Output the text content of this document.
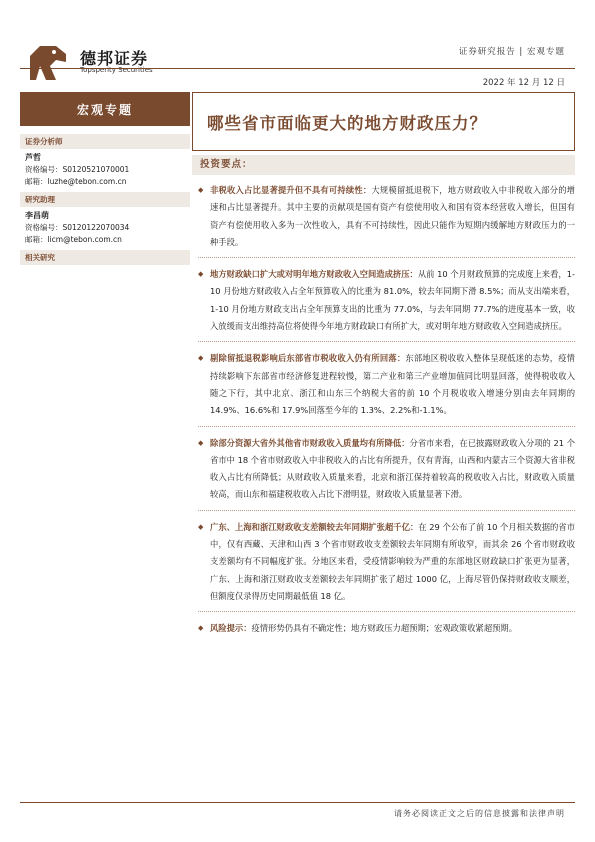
德邦证券
Topsperity Securities
证券研究报告 | 宏观专题
2022 年 12 月 12 日
宏观专题
证券分析师
芦哲
资格编号：S0120521070001
邮箱：luzhe@tebon.com.cn
研究助理
李昌萌
资格编号：S0120122070034
邮箱：licm@tebon.com.cn
相关研究
哪些省市面临更大的地方财政压力？
投资要点：
◆ 非税收入占比显著提升但不具有可持续性：大规模留抵退税下，地方财政收入中非税收入部分的增速和占比显著提升。其中主要的贡献项是国有资产有偿使用收入和国有资本经营收入增长，但国有资产有偿使用收入多为一次性收入，具有不可持续性，因此只能作为短期内缓解地方财政压力的一种手段。
◆ 地方财政缺口扩大或对明年地方财政收入空间造成挤压：从前 10 个月财政预算的完成度上来看，1-10 月份地方财政收入占全年预算收入的比重为 81.0%，较去年同期下滑 8.5%；而从支出端来看，1-10 月份地方财政支出占全年预算支出的比重为 77.0%，与去年同期 77.7%的进度基本一致，收入放缓而支出维持高位将使得今年地方财政缺口有所扩大，或对明年地方财政收入空间造成挤压。
◆ 剔除留抵退税影响后东部省市税收收入仍有所回落：东部地区税收收入整体呈现低迷的态势，疫情持续影响下东部省市经济修复进程较慢，第二产业和第三产业增加值同比明显回落，使得税收收入随之下行，其中北京、浙江和山东三个纳税大省的前 10 个月税收收入增速分别由去年同期的 14.9%、16.6%和 17.9%回落至今年的 1.3%、2.2%和-1.1%。
◆ 除部分资源大省外其他省市财政收入质量均有所降低：分省市来看，在已披露财政收入分项的 21 个省市中 18 个省市财政收入中非税收入的占比有所提升，仅有青海，山西和内蒙古三个资源大省非税收入占比有所降低；从财政收入质量来看，北京和浙江保持着较高的税收收入占比，财政收入质量较高，而山东和福建税收收入占比下滑明显，财政收入质量显著下滑。
◆ 广东、上海和浙江财政收支差额较去年同期扩张超千亿：在 29 个公布了前 10 个月相关数据的省市中，仅有西藏、天津和山西 3 个省市财政收支差额较去年同期有所收窄，而其余 26 个省市财政收支差额均有不同幅度扩张。分地区来看，受疫情影响较为严重的东部地区财政缺口扩张更为显著，广东、上海和浙江财政收支差额较去年同期扩张了超过 1000 亿，上海尽管仍保持财政收支顺差，但额度仅录得历史同期最低值 18 亿。
◆ 风险提示：疫情形势仍具有不确定性；地方财政压力超预期；宏观政策收紧超预期。
请务必阅读正文之后的信息披露和法律声明
